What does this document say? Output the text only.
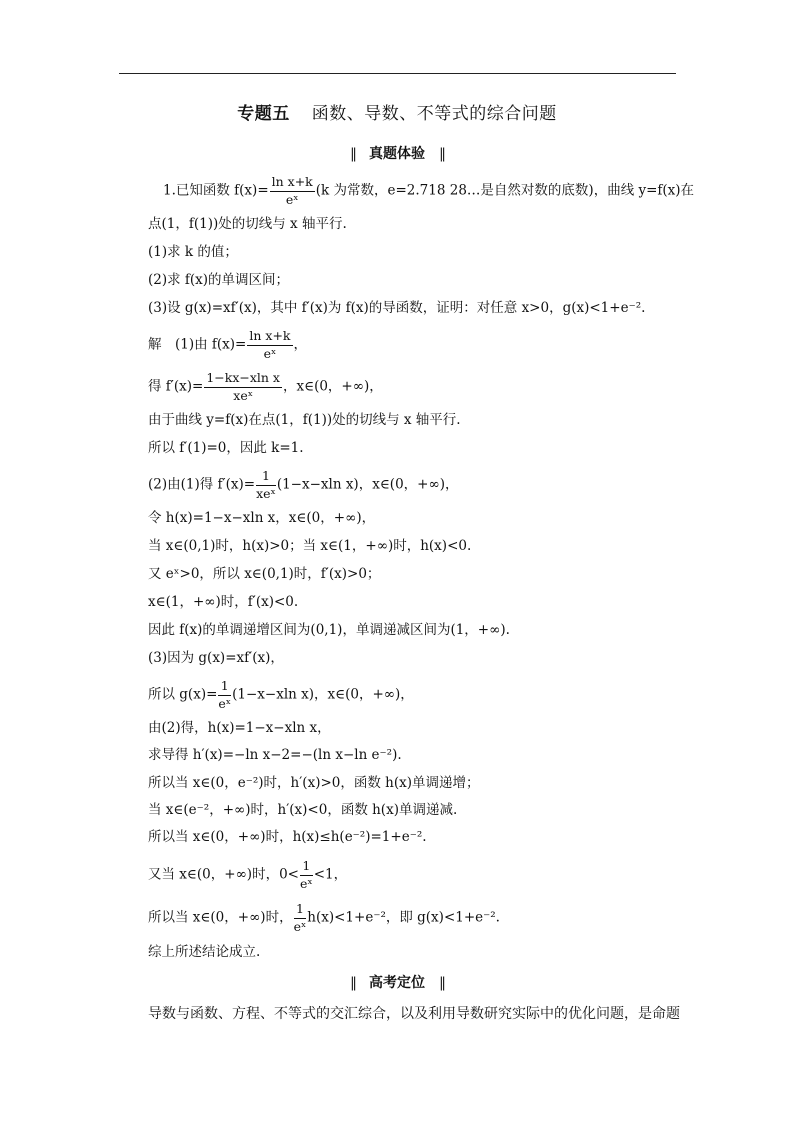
专题五 函数、导数、不等式的综合问题
‖ 真题体验 ‖
1.已知函数 $f(x)= \frac{\text{ln x+k}}{\text{eˣ}} (k$ 为常数，e=2.718 28…是自然对数的底数)，曲线 y=f(x)在
点(1，f(1))处的切线与 x 轴平行.
(1)求 k 的值；
(2)求 f(x)的单调区间；
(3)设 g(x)=xf′(x)，其中 f′(x)为 f(x)的导函数，证明：对任意 x>0，g(x)<1+e⁻².
解　(1)由 $f(x)= \frac{\text{ln x+k}}{\text{eˣ}}$ ，
得 $f'(x)= \frac{\text{1−kx−xln x}}{\text{xeˣ}}$ ，x∈(0，+∞)，
由于曲线 y=f(x)在点(1，f(1))处的切线与 x 轴平行.
所以 f′(1)=0，因此 k=1.
(2)由(1)得 $f'(x)= \frac{1}{\text{xeˣ}} (1-x-xln$ x)，x∈(0，+∞)，
令 h(x)=1−x−xln x，x∈(0，+∞)，
当 x∈(0,1)时，h(x)>0；当 x∈(1，+∞)时，h(x)<0.
又 eˣ>0，所以 x∈(0,1)时，f′(x)>0；
x∈(1，+∞)时，f′(x)<0.
因此 f(x)的单调递增区间为(0,1)，单调递减区间为(1，+∞).
(3)因为 g(x)=xf′(x)，
所以 $g(x)= \frac{1}{\text{eˣ}} (1-x-xln$ x)，x∈(0，+∞)，
由(2)得，h(x)=1−x−xln x，
求导得 h′(x)=−ln x−2=−(ln x−ln e⁻²).
所以当 x∈(0，e⁻²)时，h′(x)>0，函数 h(x)单调递增；
当 x∈(e⁻²，+∞)时，h′(x)<0，函数 h(x)单调递减.
所以当 x∈(0，+∞)时，h(x)≤h(e⁻²)=1+e⁻².
又当 x∈(0，+∞)时，$0< \frac{1}{\text{eˣ}} <1$，
所以当 x∈(0，+∞)时， $\frac{1}{\text{eˣ}} h(x)<1+e^{-2}$，即 g(x)<1+e⁻².
综上所述结论成立.
‖ 高考定位 ‖
导数与函数、方程、不等式的交汇综合，以及利用导数研究实际中的优化问题，是命题
